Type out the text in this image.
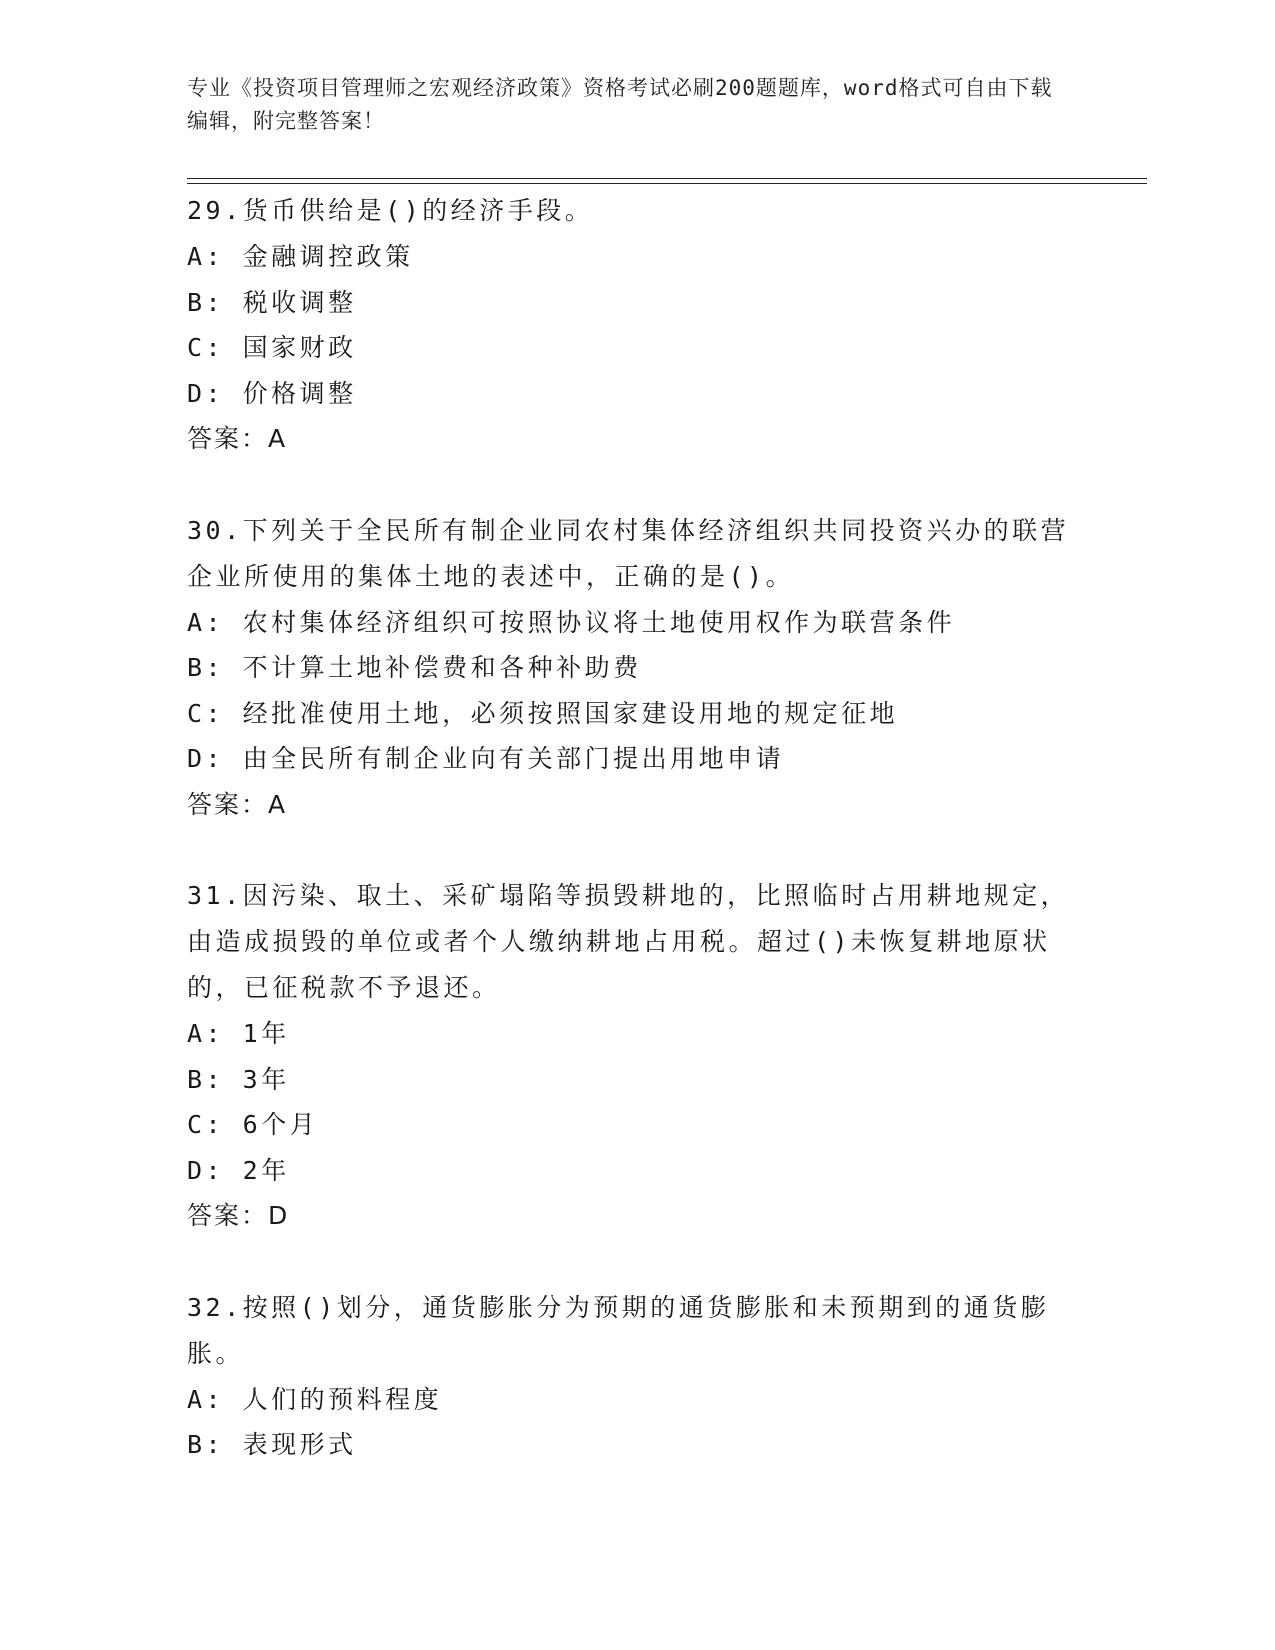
专业《投资项目管理师之宏观经济政策》资格考试必刷200题题库，word格式可自由下载编辑，附完整答案！

29.货币供给是()的经济手段。

A: 金融调控政策

B: 税收调整

C: 国家财政

D: 价格调整

答案：A

30.下列关于全民所有制企业同农村集体经济组织共同投资兴办的联营企业所使用的集体土地的表述中，正确的是()。

A: 农村集体经济组织可按照协议将土地使用权作为联营条件

B: 不计算土地补偿费和各种补助费

C: 经批准使用土地，必须按照国家建设用地的规定征地

D: 由全民所有制企业向有关部门提出用地申请

答案：A

31.因污染、取土、采矿塌陷等损毁耕地的，比照临时占用耕地规定，由造成损毁的单位或者个人缴纳耕地占用税。超过()未恢复耕地原状的，已征税款不予退还。

A: 1年

B: 3年

C: 6个月

D: 2年

答案：D

32.按照()划分，通货膨胀分为预期的通货膨胀和未预期到的通货膨胀。

A: 人们的预料程度

B: 表现形式
